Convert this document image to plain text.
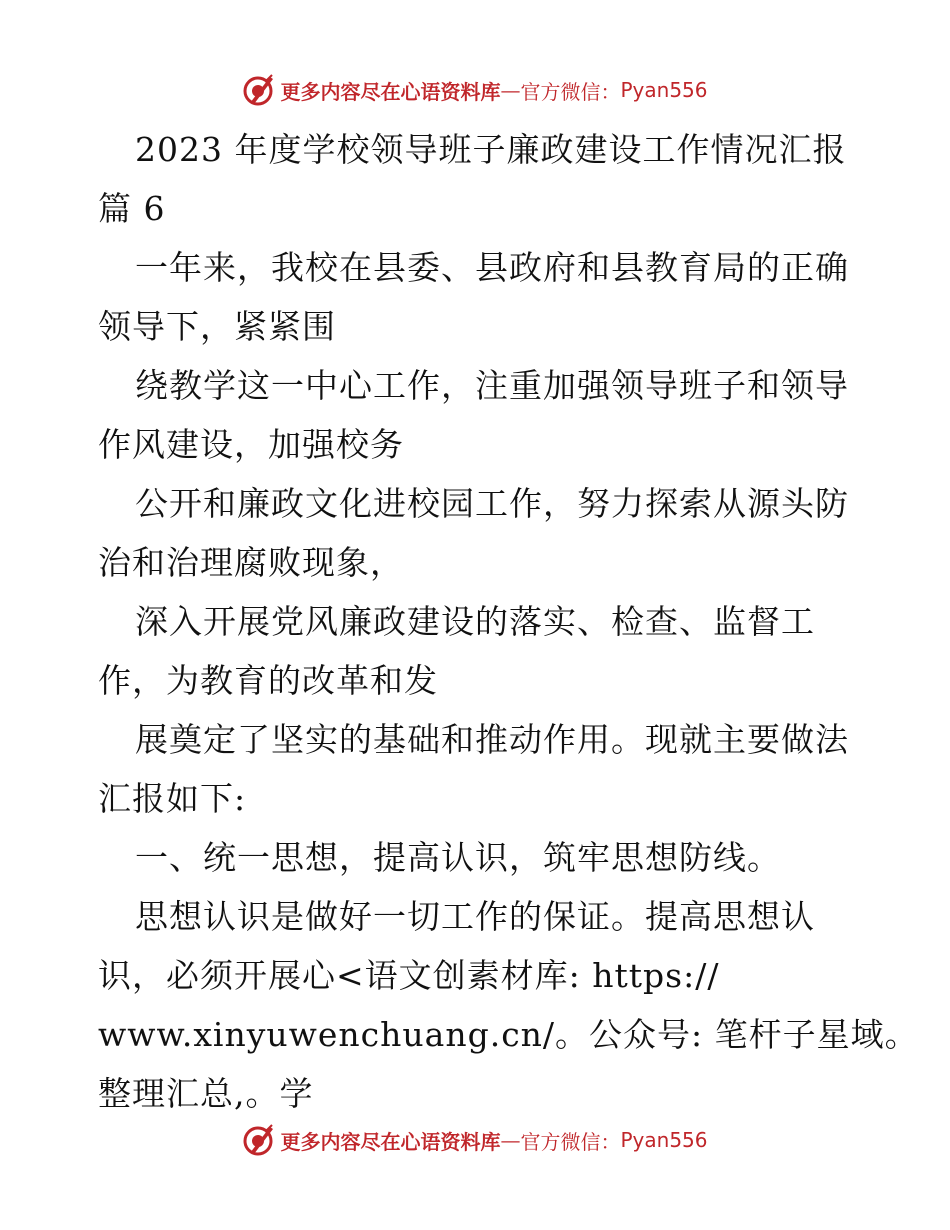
更多内容尽在心语资料库 — 官方微信： Pyan556

2023 年度学校领导班子廉政建设工作情况汇报

篇 6

一年来，我校在县委、县政府和县教育局的正确

领导下，紧紧围

绕教学这一中心工作，注重加强领导班子和领导

作风建设，加强校务

公开和廉政文化进校园工作，努力探索从源头防

治和治理腐败现象，

深入开展党风廉政建设的落实、检查、监督工

作，为教育的改革和发

展奠定了坚实的基础和推动作用。现就主要做法

汇报如下:

一、统一思想，提高认识，筑牢思想防线。

思想认识是做好一切工作的保证。提高思想认

识，必须开展心<语文创素材库: https://

www.xinyuwenchuang.cn/。公众号: 笔杆子星域。

整理汇总,。学

更多内容尽在心语资料库 — 官方微信： Pyan556
